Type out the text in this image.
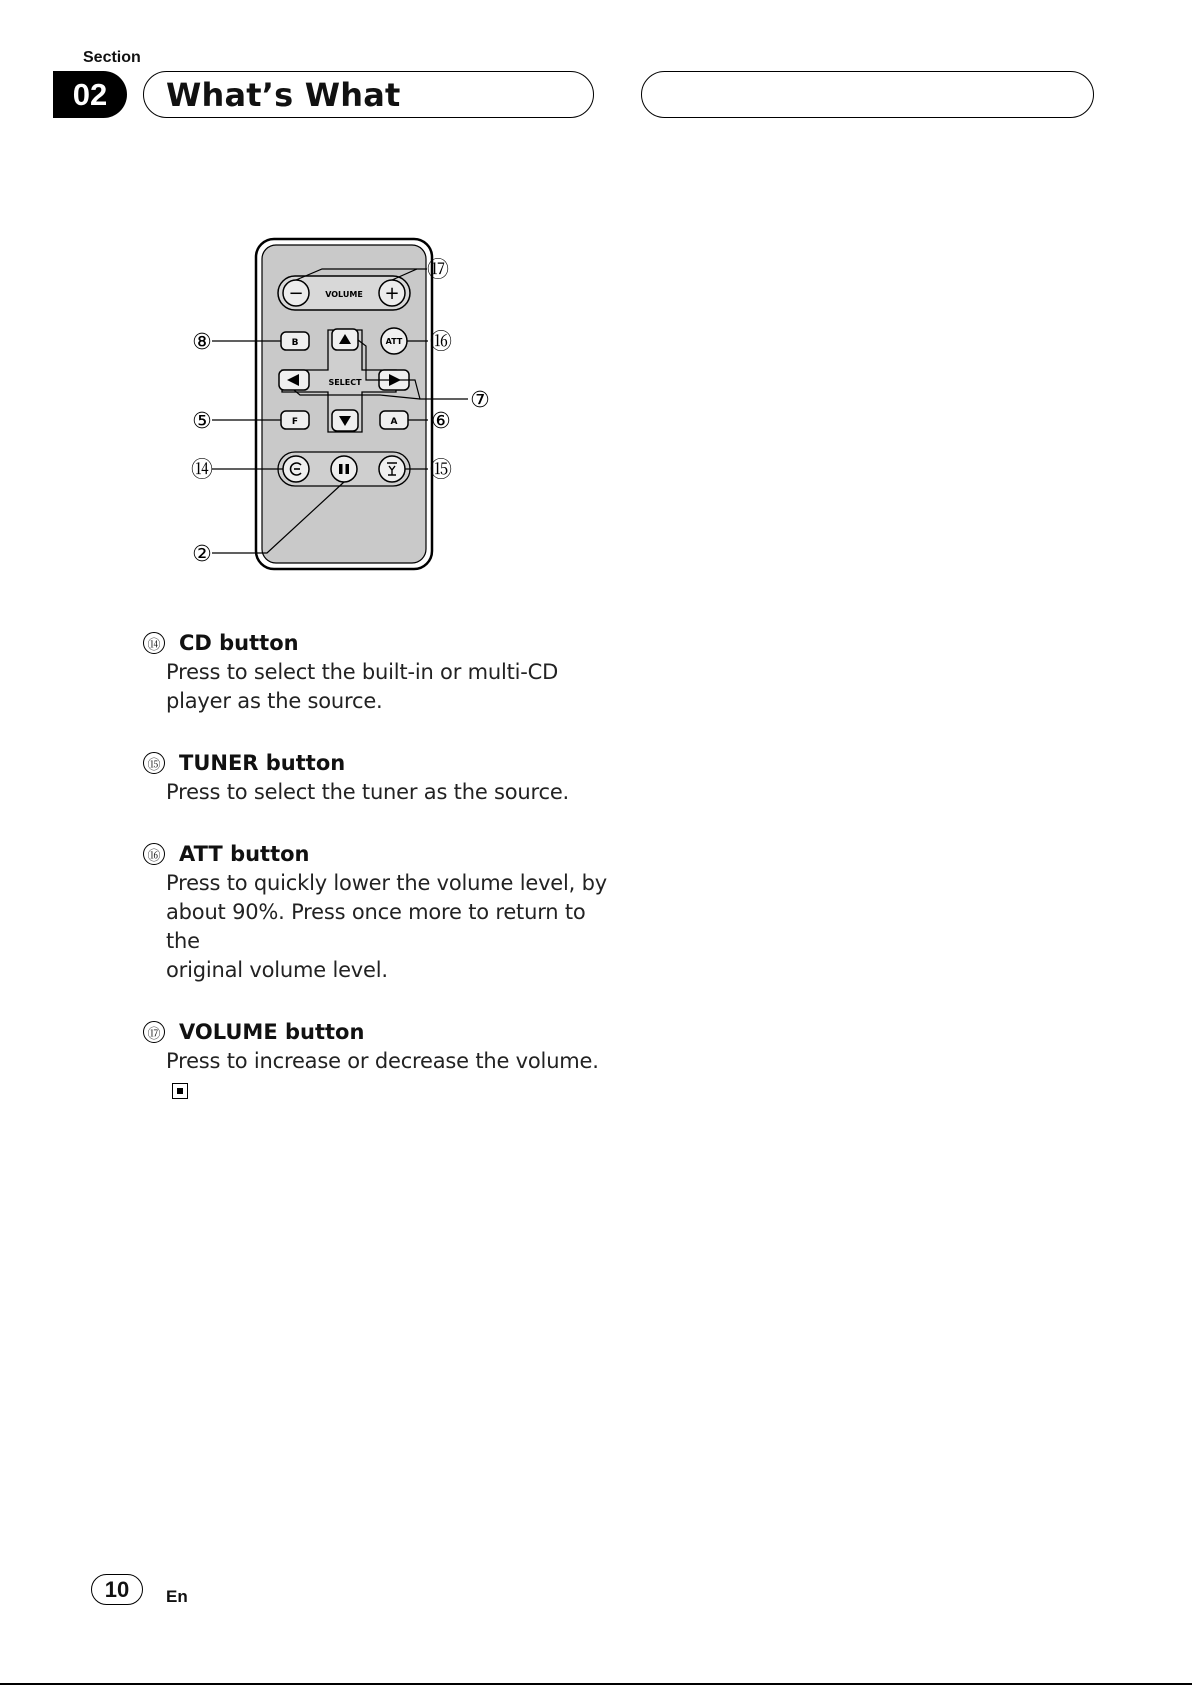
Section
02	What’s What
−	+
VOLUME
B	ATT
SELECT
F	A
⑰
⑧	⑯
⑦
⑤	⑥
⑭	⑮
②
⑭ CD button
Press to select the built-in or multi-CD
player as the source.
⑮ TUNER button
Press to select the tuner as the source.
⑯ ATT button
Press to quickly lower the volume level, by
about 90%. Press once more to return to the
original volume level.
⑰ VOLUME button
Press to increase or decrease the volume.
10	En
